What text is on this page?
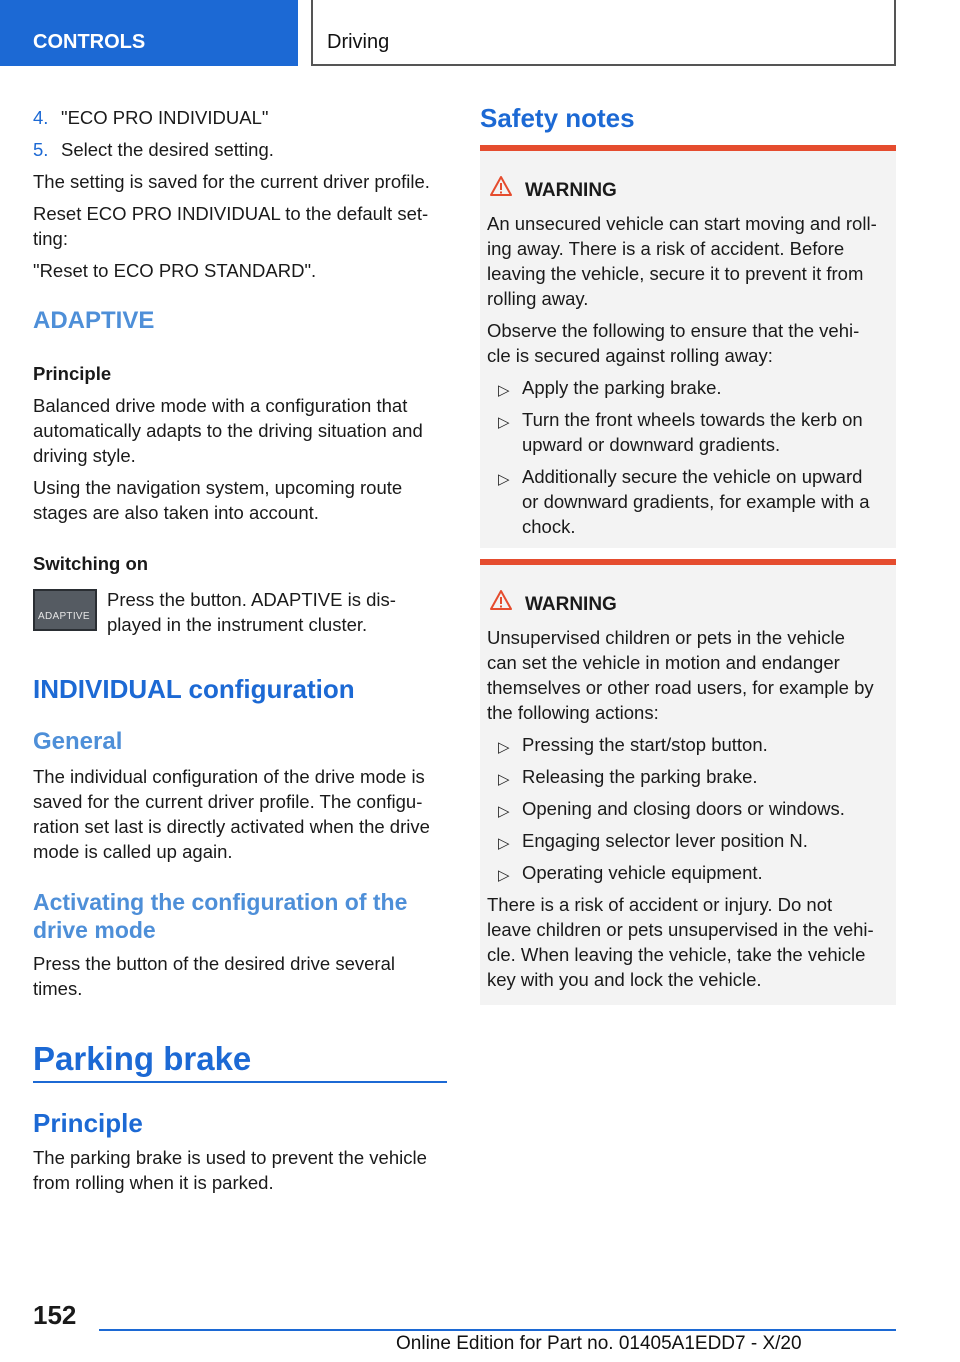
CONTROLS	Driving
4. "ECO PRO INDIVIDUAL"
5. Select the desired setting.
The setting is saved for the current driver profile.
Reset ECO PRO INDIVIDUAL to the default set‐
ting:
"Reset to ECO PRO STANDARD".
ADAPTIVE
Principle
Balanced drive mode with a configuration that
automatically adapts to the driving situation and
driving style.
Using the navigation system, upcoming route
stages are also taken into account.
Switching on
ADAPTIVE
Press the button. ADAPTIVE is dis‐
played in the instrument cluster.
INDIVIDUAL configuration
General
The individual configuration of the drive mode is
saved for the current driver profile. The configu‐
ration set last is directly activated when the drive
mode is called up again.
Activating the configuration of the
drive mode
Press the button of the desired drive several
times.
Parking brake
Principle
The parking brake is used to prevent the vehicle
from rolling when it is parked.
Safety notes
WARNING
An unsecured vehicle can start moving and roll‐
ing away. There is a risk of accident. Before
leaving the vehicle, secure it to prevent it from
rolling away.
Observe the following to ensure that the vehi‐
cle is secured against rolling away:
▷ Apply the parking brake.
▷ Turn the front wheels towards the kerb on
upward or downward gradients.
▷ Additionally secure the vehicle on upward
or downward gradients, for example with a
chock.
WARNING
Unsupervised children or pets in the vehicle
can set the vehicle in motion and endanger
themselves or other road users, for example by
the following actions:
▷ Pressing the start/stop button.
▷ Releasing the parking brake.
▷ Opening and closing doors or windows.
▷ Engaging selector lever position N.
▷ Operating vehicle equipment.
There is a risk of accident or injury. Do not
leave children or pets unsupervised in the vehi‐
cle. When leaving the vehicle, take the vehicle
key with you and lock the vehicle.
152
Online Edition for Part no. 01405A1EDD7 - X/20
